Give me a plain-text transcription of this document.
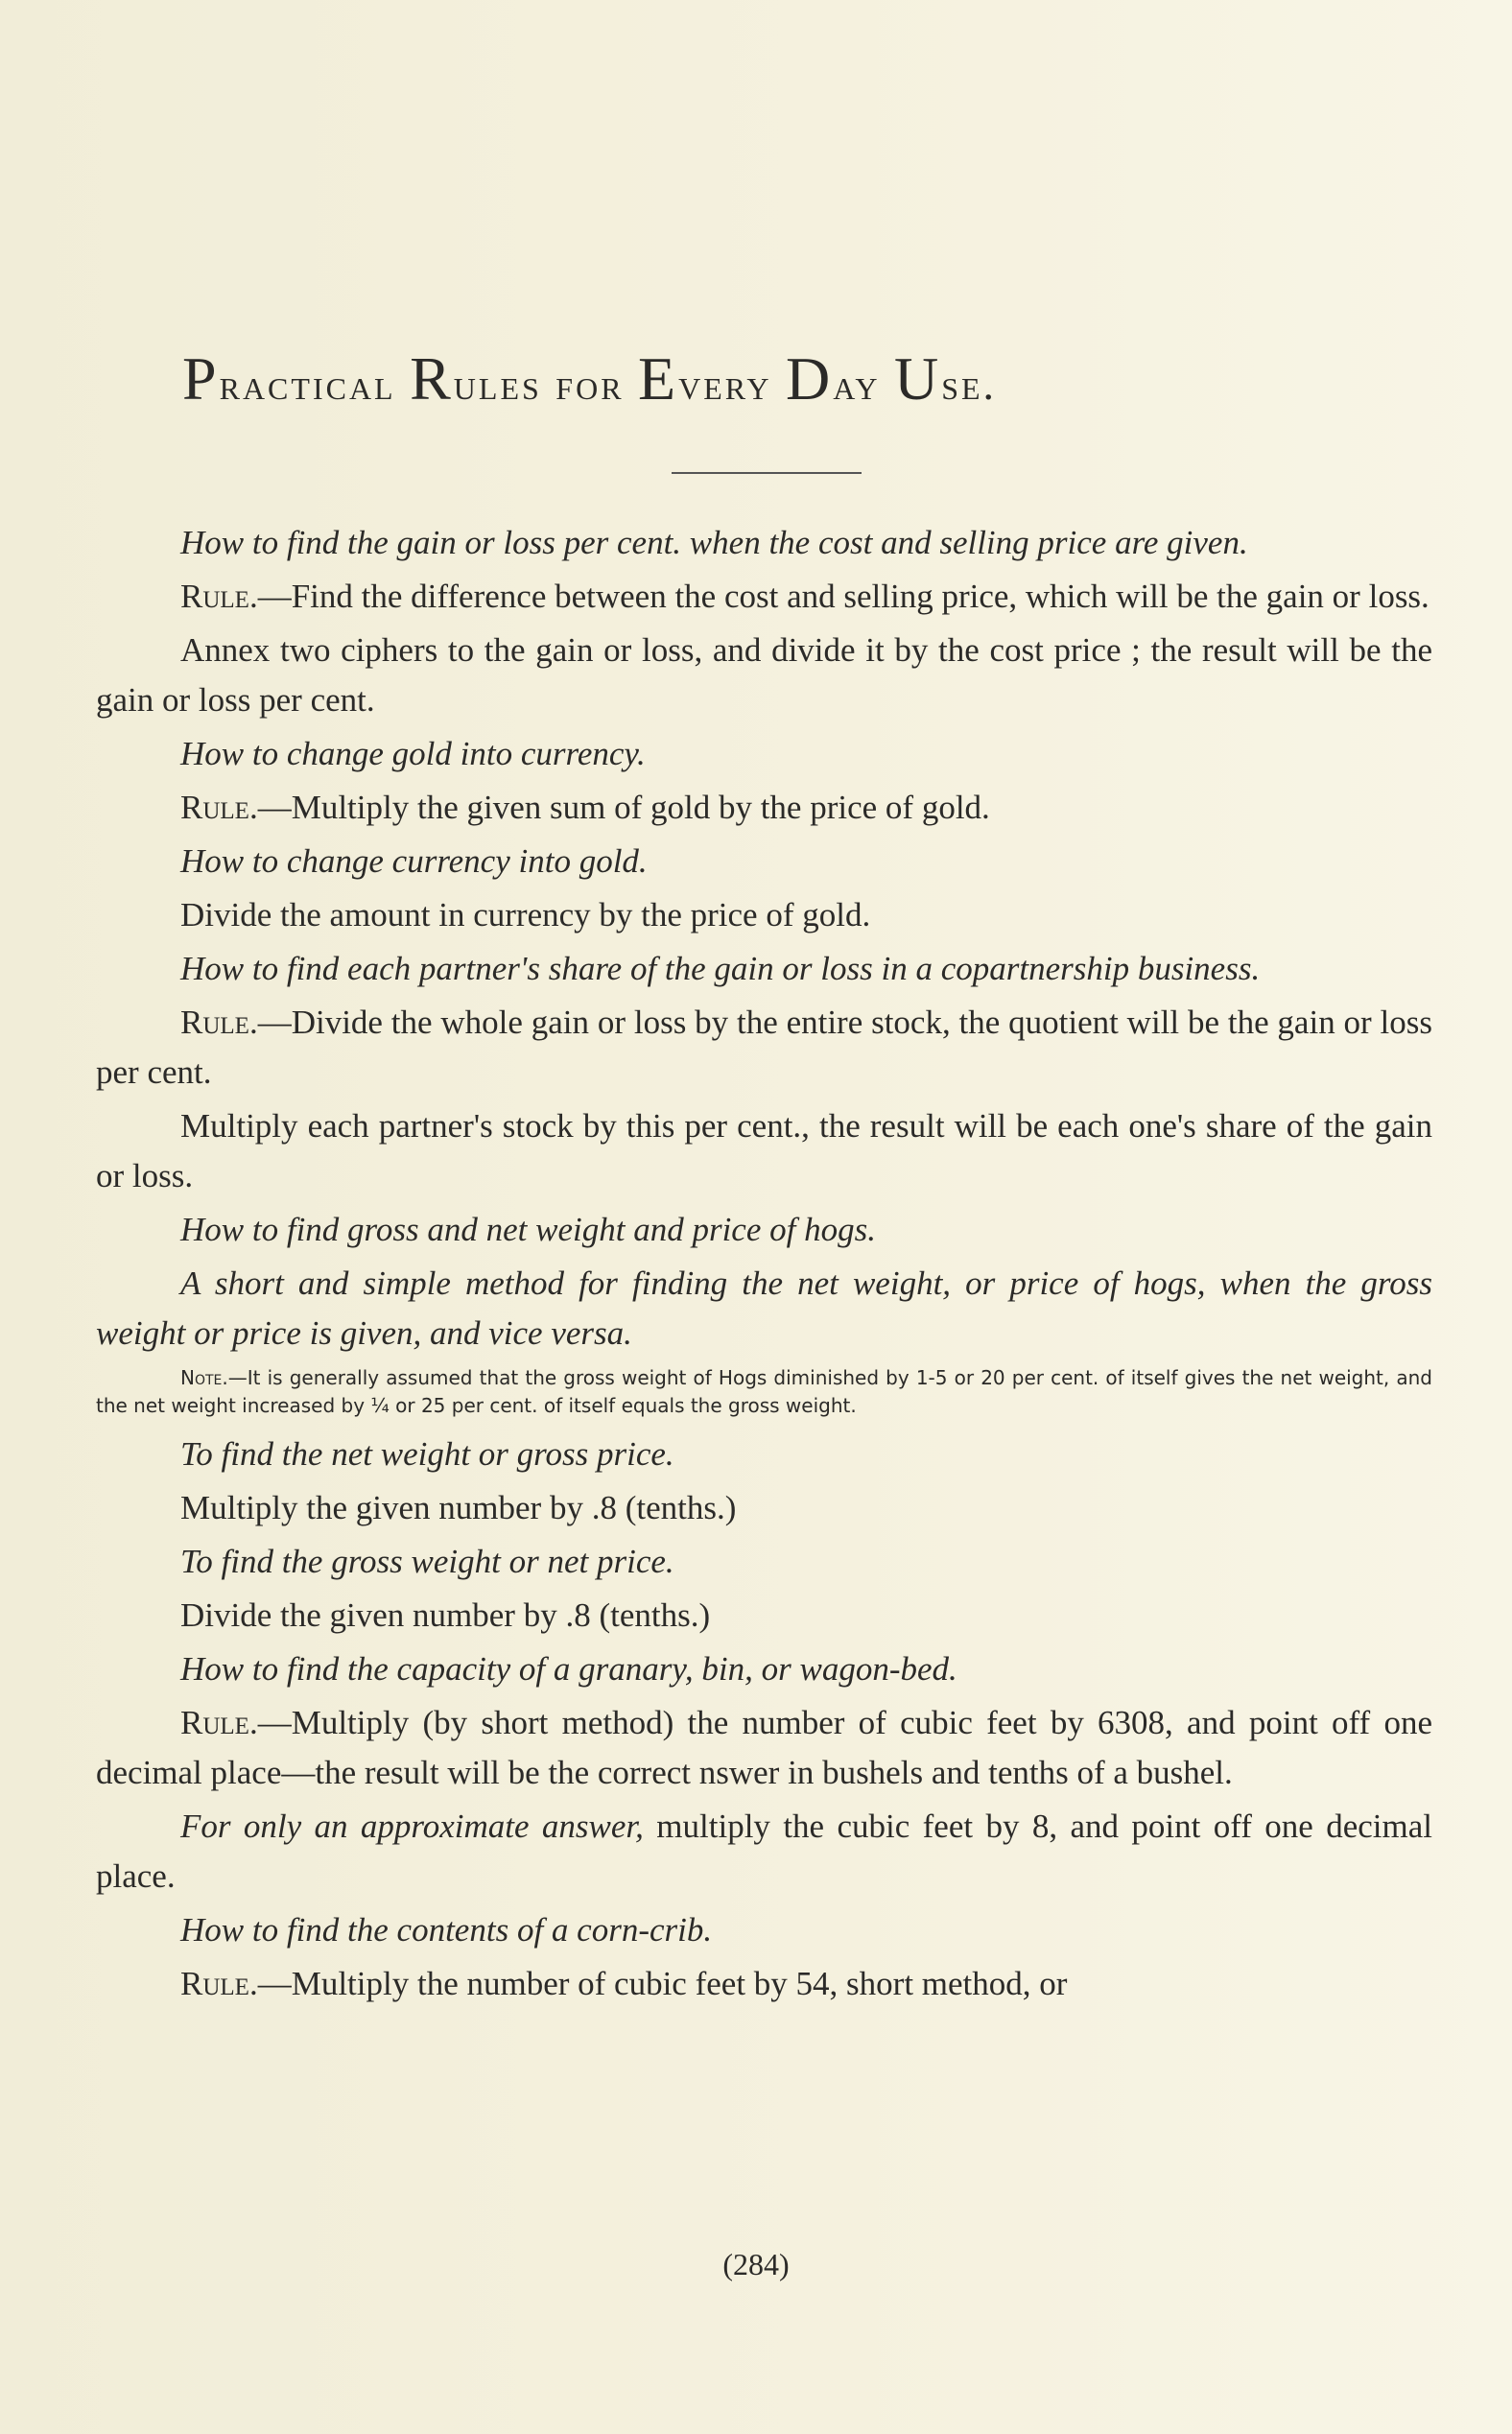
Practical Rules for Every Day Use.

How to find the gain or loss per cent. when the cost and selling price are given.

Rule.—Find the difference between the cost and selling price, which will be the gain or loss.

Annex two ciphers to the gain or loss, and divide it by the cost price ; the result will be the gain or loss per cent.

How to change gold into currency.

Rule.—Multiply the given sum of gold by the price of gold.

How to change currency into gold.

Divide the amount in currency by the price of gold.

How to find each partner's share of the gain or loss in a copartnership business.

Rule.—Divide the whole gain or loss by the entire stock, the quotient will be the gain or loss per cent.

Multiply each partner's stock by this per cent., the result will be each one's share of the gain or loss.

How to find gross and net weight and price of hogs.

A short and simple method for finding the net weight, or price of hogs, when the gross weight or price is given, and vice versa.

Note.—It is generally assumed that the gross weight of Hogs diminished by 1-5 or 20 per cent. of itself gives the net weight, and the net weight increased by ¼ or 25 per cent. of itself equals the gross weight.

To find the net weight or gross price.

Multiply the given number by .8 (tenths.)

To find the gross weight or net price.

Divide the given number by .8 (tenths.)

How to find the capacity of a granary, bin, or wagon-bed.

Rule.—Multiply (by short method) the number of cubic feet by 6308, and point off one decimal place—the result will be the correct nswer in bushels and tenths of a bushel.

For only an approximate answer, multiply the cubic feet by 8, and point off one decimal place.

How to find the contents of a corn-crib.

Rule.—Multiply the number of cubic feet by 54, short method, or

(284)
